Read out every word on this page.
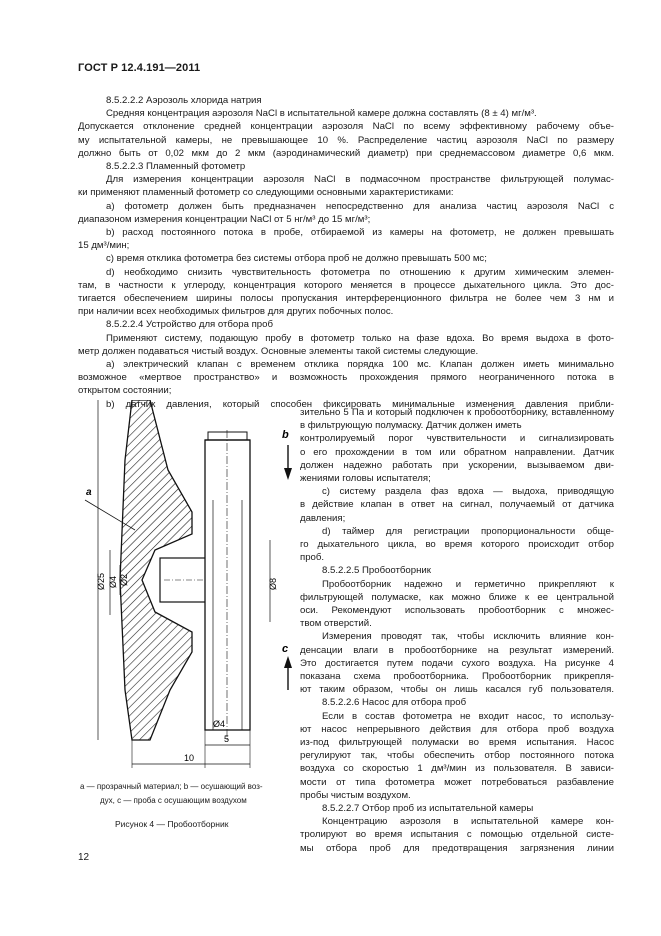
ГОСТ Р 12.4.191—2011
8.5.2.2.2 Аэрозоль хлорида натрия
Средняя концентрация аэрозоля NaCl в испытательной камере должна составлять (8 ± 4) мг/м³.
Допускается отклонение средней концентрации аэрозоля NaCl по всему эффективному рабочему объе-
му испытательной камеры, не превышающее 10 %. Распределение частиц аэрозоля NaCl по размеру
должно быть от 0,02 мкм до 2 мкм (аэродинамический диаметр) при среднемассовом диаметре 0,6 мкм.
8.5.2.2.3 Пламенный фотометр
Для измерения концентрации аэрозоля NaCl в подмасочном пространстве фильтрующей полумас-
ки применяют пламенный фотометр со следующими основными характеристиками:
a) фотометр должен быть предназначен непосредственно для анализа частиц аэрозоля NaCl с
диапазоном измерения концентрации NaCl от 5 нг/м³ до 15 мг/м³;
b) расход постоянного потока в пробе, отбираемой из камеры на фотометр, не должен превышать
15 дм³/мин;
c) время отклика фотометра без системы отбора проб не должно превышать 500 мс;
d) необходимо снизить чувствительность фотометра по отношению к другим химическим элемен-
там, в частности к углероду, концентрация которого меняется в процессе дыхательного цикла. Это дос-
тигается обеспечением ширины полосы пропускания интерференционного фильтра не более чем 3 нм и
при наличии всех необходимых фильтров для других побочных полос.
8.5.2.2.4 Устройство для отбора проб
Применяют систему, подающую пробу в фотометр только на фазе вдоха. Во время выдоха в фото-
метр должен подаваться чистый воздух. Основные элементы такой системы следующие.
a) электрический клапан с временем отклика порядка 100 мс. Клапан должен иметь минимально
возможное «мертвое пространство» и возможность прохождения прямого неограниченного потока в
открытом состоянии;
b) датчик давления, который способен фиксировать минимальные изменения давления прибли-
зительно 5 Па и который подключен к пробоотборнику, вставленному в фильтрующую полумаску. Датчик должен иметь
контролируемый порог чувствительности и сигнализировать
о его прохождении в том или обратном направлении. Датчик
должен надежно работать при ускорении, вызываемом дви-
жениями головы испытателя;
c) систему раздела фаз вдоха — выдоха, приводящую
в действие клапан в ответ на сигнал, получаемый от датчика
давления;
d) таймер для регистрации пропорциональности обще-
го дыхательного цикла, во время которого происходит отбор
проб.
8.5.2.2.5 Пробоотборник
Пробоотборник надежно и герметично прикрепляют к
фильтрующей полумаске, как можно ближе к ее центральной
оси. Рекомендуют использовать пробоотборник с множес-
твом отверстий.
Измерения проводят так, чтобы исключить влияние кон-
денсации влаги в пробоотборнике на результат измерений.
Это достигается путем подачи сухого воздуха. На рисунке 4
показана схема пробоотборника. Пробоотборник прикрепля-
ют таким образом, чтобы он лишь касался губ пользователя.
8.5.2.2.6 Насос для отбора проб
Если в состав фотометра не входит насос, то использу-
ют насос непрерывного действия для отбора проб воздуха
из-под фильтрующей полумаски во время испытания. Насос
регулируют так, чтобы обеспечить отбор постоянного потока
воздуха со скоростью 1 дм³/мин из пользователя. В зависи-
мости от типа фотометра может потребоваться разбавление
пробы чистым воздухом.
8.5.2.2.7 Отбор проб из испытательной камеры
Концентрацию аэрозоля в испытательной камере кон-
тролируют во время испытания с помощью отдельной систе-
мы отбора проб для предотвращения загрязнения линии
b
c
a
Ø25 Ø4 Ø2	Ø8
Ø4
5
10
a — прозрачный материал; b — осушающий воз-
дух, c — проба с осушающим воздухом
Рисунок 4 — Пробоотборник
12
